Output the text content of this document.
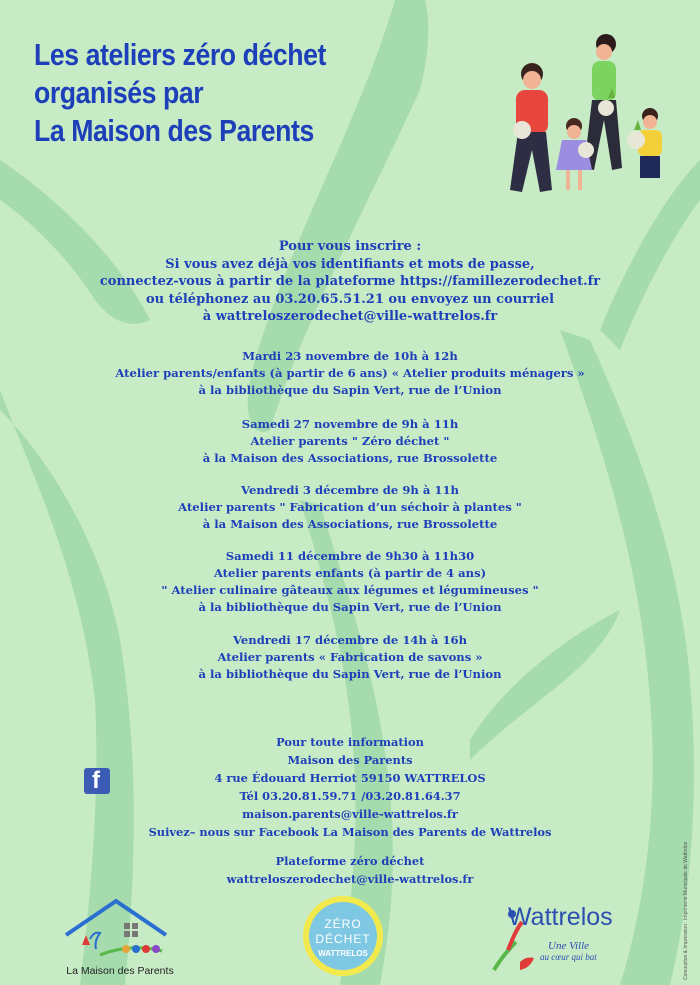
Les ateliers zéro déchet
organisés par
La Maison des Parents
Pour vous inscrire :
Si vous avez déjà vos identifiants et mots de passe,
connectez-vous à partir de la plateforme https://famillezerodechet.fr
ou téléphonez au 03.20.65.51.21 ou envoyez un courriel
à wattreloszerodechet@ville-wattrelos.fr
Mardi 23 novembre de 10h à 12h
Atelier parents/enfants (à partir de 6 ans) « Atelier produits ménagers »
à la bibliothèque du Sapin Vert, rue de l’Union
Samedi 27 novembre de 9h à 11h
Atelier parents " Zéro déchet "
à la Maison des Associations, rue Brossolette
Vendredi 3 décembre de 9h à 11h
Atelier parents " Fabrication d’un séchoir à plantes "
à la Maison des Associations, rue Brossolette
Samedi 11 décembre de 9h30 à 11h30
Atelier parents enfants (à partir de 4 ans)
" Atelier culinaire gâteaux aux légumes et légumineuses "
à la bibliothèque du Sapin Vert, rue de l’Union
Vendredi 17 décembre de 14h à 16h
Atelier parents « Fabrication de savons »
à la bibliothèque du Sapin Vert, rue de l’Union
f
Pour toute information
Maison des Parents
4 rue Édouard Herriot 59150 WATTRELOS
Tél 03.20.81.59.71 /03.20.81.64.37
maison.parents@ville-wattrelos.fr
Suivez– nous sur Facebook La Maison des Parents de Wattrelos
Plateforme zéro déchet
wattreloszerodechet@ville-wattrelos.fr
La Maison des Parents
ZÉRO
DÉCHET
WATTRELOS
Wattrelos
Une Ville
au cœur qui bat	Conception & Impression : Imprimerie Municipale de Wattrelos
